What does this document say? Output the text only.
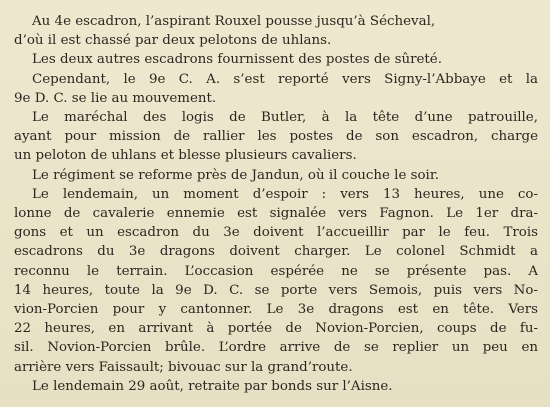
Au 4e escadron, l’aspirant Rouxel pousse jusqu’à Sécheval,
d’où il est chassé par deux pelotons de uhlans.
Les deux autres escadrons fournissent des postes de sûreté.
Cependant, le 9e C. A. s’est reporté vers Signy-l’Abbaye et la
9e D. C. se lie au mouvement.
Le maréchal des logis de Butler, à la tête d’une patrouille,
ayant pour mission de rallier les postes de son escadron, charge
un peloton de uhlans et blesse plusieurs cavaliers.
Le régiment se reforme près de Jandun, où il couche le soir.
Le lendemain, un moment d’espoir : vers 13 heures, une co-
lonne de cavalerie ennemie est signalée vers Fagnon. Le 1er dra-
gons et un escadron du 3e doivent l’accueillir par le feu. Trois
escadrons du 3e dragons doivent charger. Le colonel Schmidt a
reconnu le terrain. L’occasion espérée ne se présente pas. A
14 heures, toute la 9e D. C. se porte vers Semois, puis vers No-
vion-Porcien pour y cantonner. Le 3e dragons est en tête. Vers
22 heures, en arrivant à portée de Novion-Porcien, coups de fu-
sil. Novion-Porcien brûle. L’ordre arrive de se replier un peu en
arrière vers Faissault; bivouac sur la grand’route.
Le lendemain 29 août, retraite par bonds sur l’Aisne.
